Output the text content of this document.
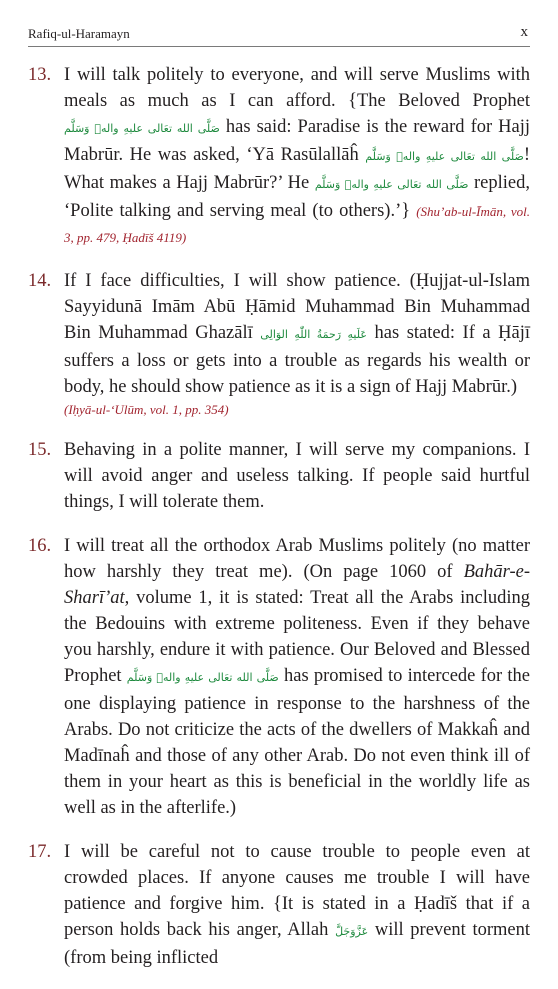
Rafiq-ul-Haramayn	x
13. I will talk politely to everyone, and will serve Muslims with meals as much as I can afford. {The Beloved Prophet صَلَّى الله تعَالى عليهِ والهٖ وَسَلَّم has said: Paradise is the reward for Hajj Mabrūr. He was asked, ‘Yā Rasūlallāĥ صَلَّى الله تعَالى عليهِ والهٖ وَسَلَّم! What makes a Hajj Mabrūr?’ He صَلَّى الله تعَالى عليهِ والهٖ وَسَلَّم replied, ‘Polite talking and serving meal (to others).’} (Shu’ab-ul-Īmān, vol. 3, pp. 479, Ḥadīš 4119)

14. If I face difficulties, I will show patience. (Ḥujjat-ul-Islam Sayyidunā Imām Abū Ḥāmid Muhammad Bin Muhammad Bin Muhammad Ghazālī عَلَيهِ رَحمَةُ اللّٰهِ الوَالِى has stated: If a Ḥājī suffers a loss or gets into a trouble as regards his wealth or body, he should show patience as it is a sign of Hajj Mabrūr.)

(Iḥyā-ul-‘Ulūm, vol. 1, pp. 354)
15. Behaving in a polite manner, I will serve my companions. I will avoid anger and useless talking. If people said hurtful things, I will tolerate them.

16. I will treat all the orthodox Arab Muslims politely (no matter how harshly they treat me). (On page 1060 of Bahār-e-Sharī’at, volume 1, it is stated: Treat all the Arabs including the Bedouins with extreme politeness. Even if they behave you harshly, endure it with patience. Our Beloved and Blessed Prophet صَلَّى الله تعَالى عليهِ والهٖ وَسَلَّم has promised to intercede for the one displaying patience in response to the harshness of the Arabs. Do not criticize the acts of the dwellers of Makkaĥ and Madīnaĥ and those of any other Arab. Do not even think ill of them in your heart as this is beneficial in the worldly life as well as in the afterlife.)

17. I will be careful not to cause trouble to people even at crowded places. If anyone causes me trouble I will have patience and forgive him. {It is stated in a Ḥadīš that if a person holds back his anger, Allah عَزَّوَجَلَّ will prevent torment (from being inflicted
